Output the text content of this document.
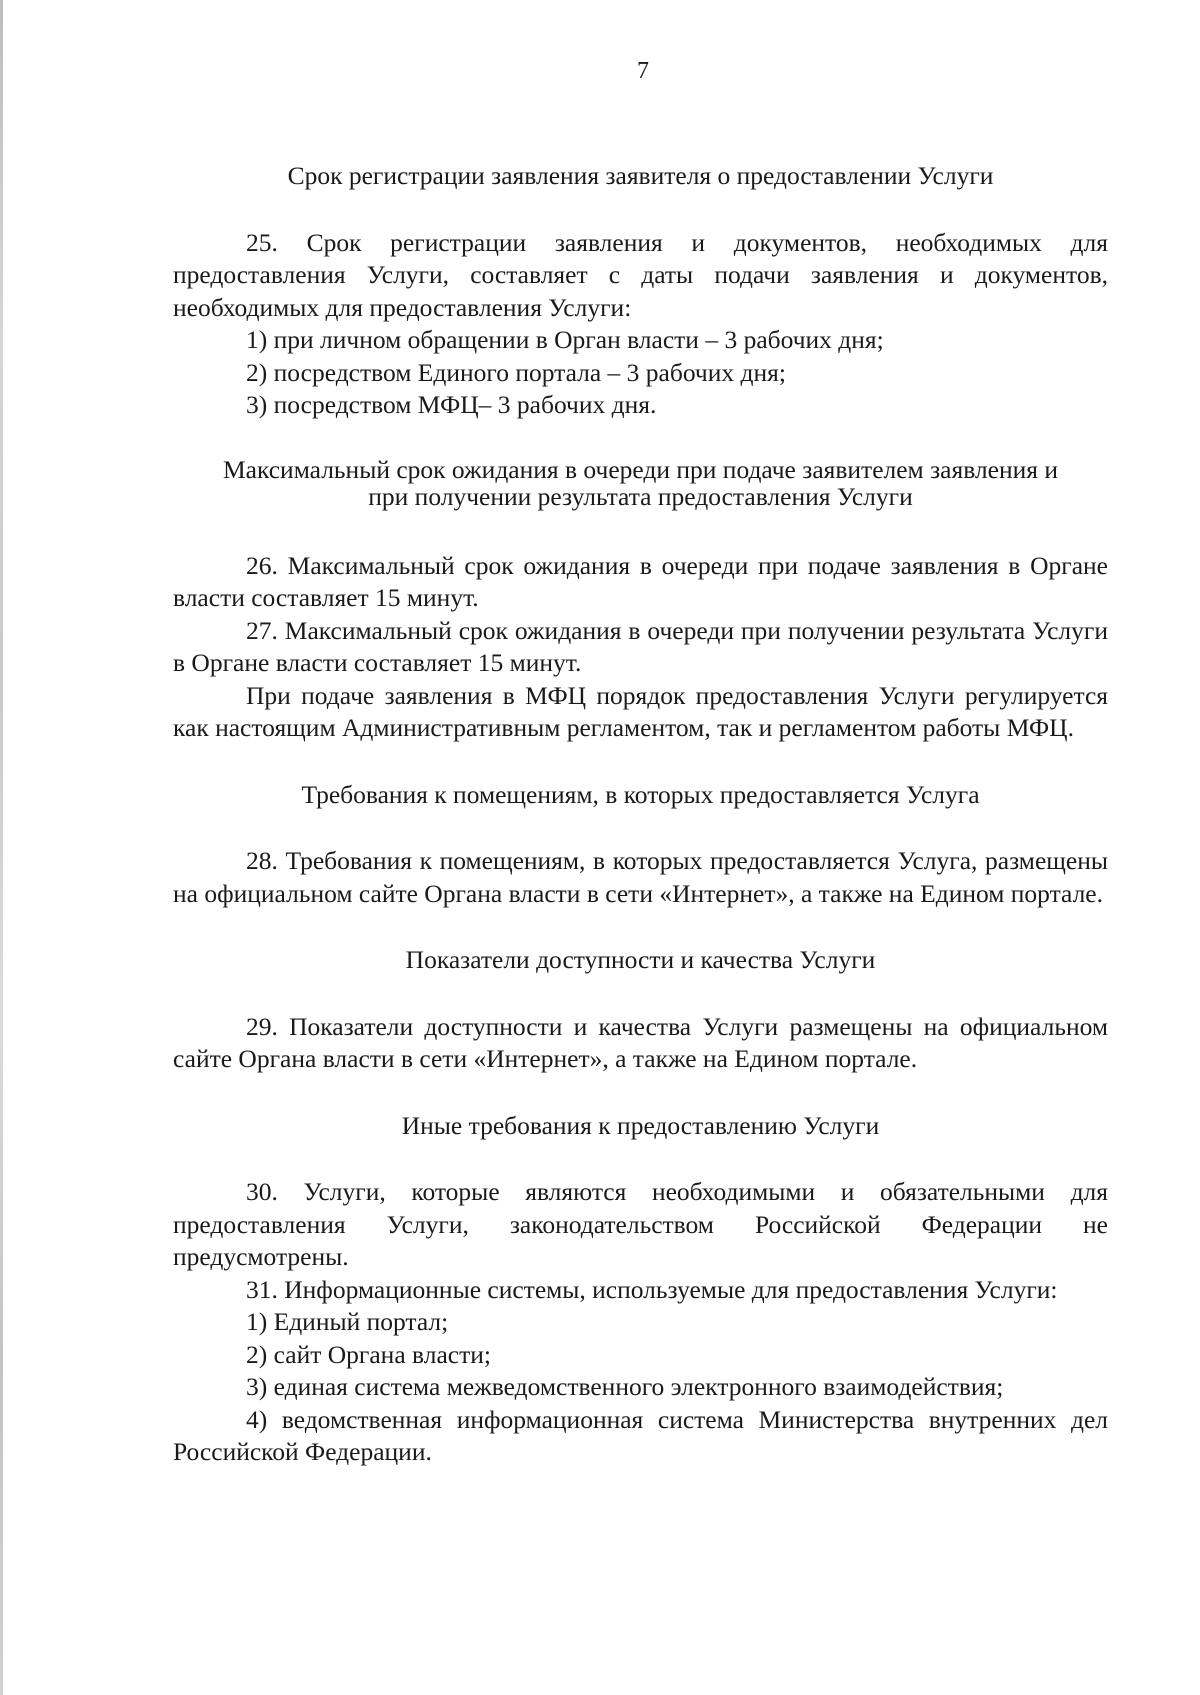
7

Срок регистрации заявления заявителя о предоставлении Услуги

25. Срок регистрации заявления и документов, необходимых для предоставления Услуги, составляет с даты подачи заявления и документов, необходимых для предоставления Услуги:

1) при личном обращении в Орган власти – 3 рабочих дня;

2) посредством Единого портала – 3 рабочих дня;

3) посредством МФЦ– 3 рабочих дня.

Максимальный срок ожидания в очереди при подаче заявителем заявления и
при получении результата предоставления Услуги

26. Максимальный срок ожидания в очереди при подаче заявления в Органе власти составляет 15 минут.

27. Максимальный срок ожидания в очереди при получении результата Услуги в Органе власти составляет 15 минут.

При подаче заявления в МФЦ порядок предоставления Услуги регулируется как настоящим Административным регламентом, так и регламентом работы МФЦ.

Требования к помещениям, в которых предоставляется Услуга

28. Требования к помещениям, в которых предоставляется Услуга, размещены на официальном сайте Органа власти в сети «Интернет», а также на Едином портале.

Показатели доступности и качества Услуги

29. Показатели доступности и качества Услуги размещены на официальном сайте Органа власти в сети «Интернет», а также на Едином портале.

Иные требования к предоставлению Услуги

30. Услуги, которые являются необходимыми и обязательными для предоставления Услуги, законодательством Российской Федерации не предусмотрены.

31. Информационные системы, используемые для предоставления Услуги:

1) Единый портал;

2) сайт Органа власти;

3) единая система межведомственного электронного взаимодействия;

4) ведомственная информационная система Министерства внутренних дел Российской Федерации.
